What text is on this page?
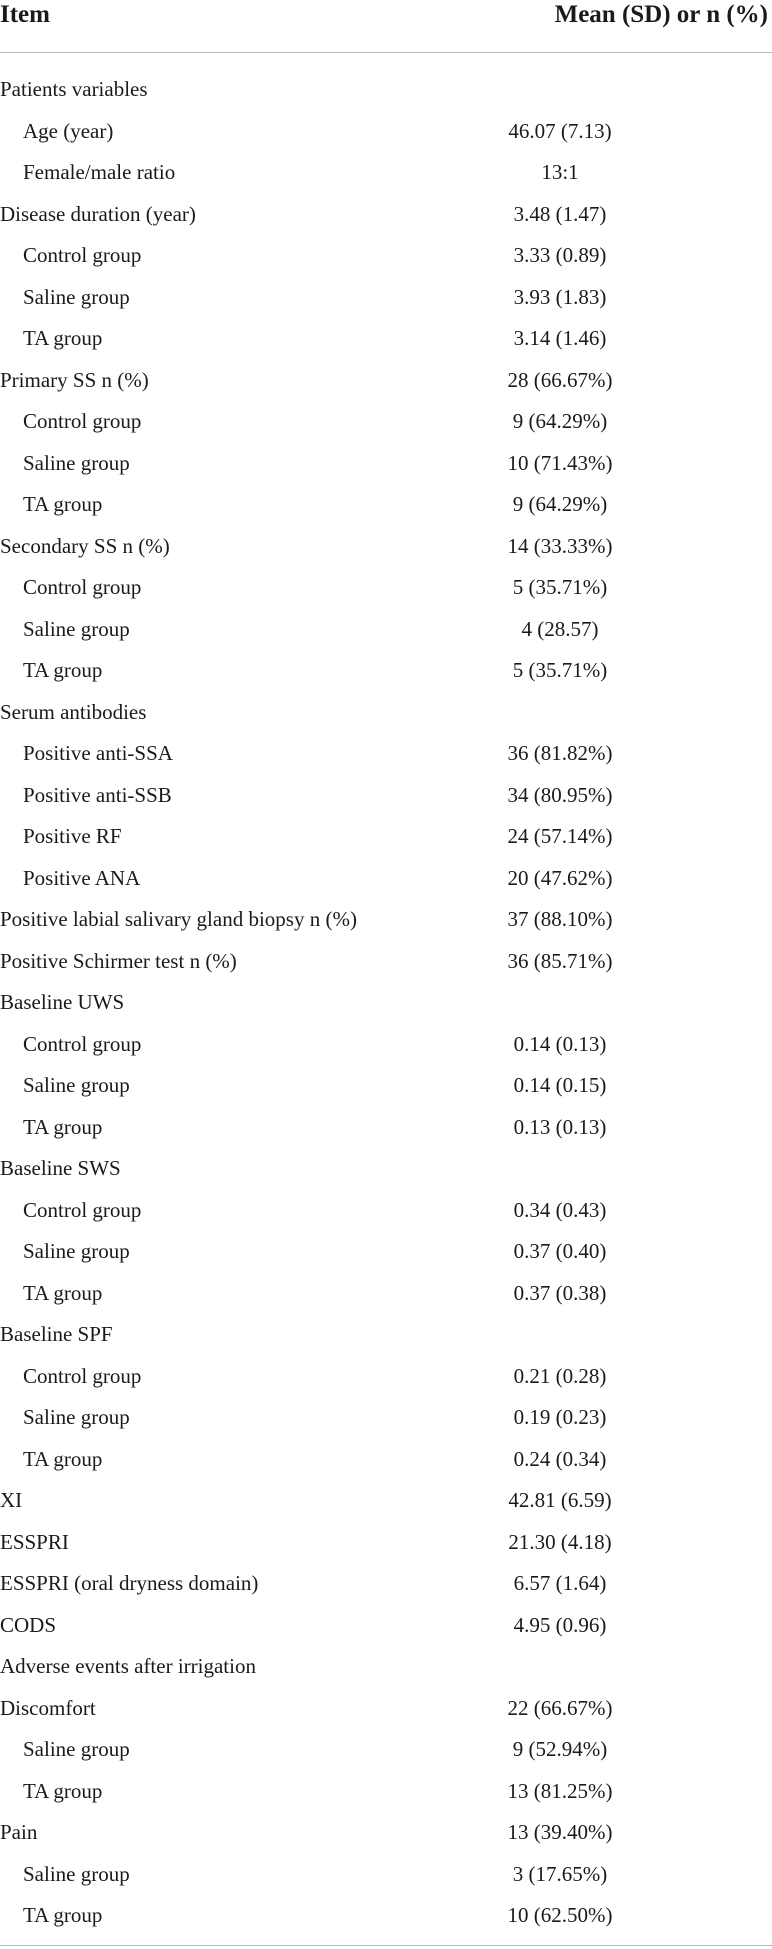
Item	Mean (SD) or n (%)
Patients variables
Age (year)	46.07 (7.13)
Female/male ratio	13:1
Disease duration (year)	3.48 (1.47)
Control group	3.33 (0.89)
Saline group	3.93 (1.83)
TA group	3.14 (1.46)
Primary SS n (%)	28 (66.67%)
Control group	9 (64.29%)
Saline group	10 (71.43%)
TA group	9 (64.29%)
Secondary SS n (%)	14 (33.33%)
Control group	5 (35.71%)
Saline group	4 (28.57)
TA group	5 (35.71%)
Serum antibodies
Positive anti-SSA	36 (81.82%)
Positive anti-SSB	34 (80.95%)
Positive RF	24 (57.14%)
Positive ANA	20 (47.62%)
Positive labial salivary gland biopsy n (%)	37 (88.10%)
Positive Schirmer test n (%)	36 (85.71%)
Baseline UWS
Control group	0.14 (0.13)
Saline group	0.14 (0.15)
TA group	0.13 (0.13)
Baseline SWS
Control group	0.34 (0.43)
Saline group	0.37 (0.40)
TA group	0.37 (0.38)
Baseline SPF
Control group	0.21 (0.28)
Saline group	0.19 (0.23)
TA group	0.24 (0.34)
XI	42.81 (6.59)
ESSPRI	21.30 (4.18)
ESSPRI (oral dryness domain)	6.57 (1.64)
CODS	4.95 (0.96)
Adverse events after irrigation
Discomfort	22 (66.67%)
Saline group	9 (52.94%)
TA group	13 (81.25%)
Pain	13 (39.40%)
Saline group	3 (17.65%)
TA group	10 (62.50%)
